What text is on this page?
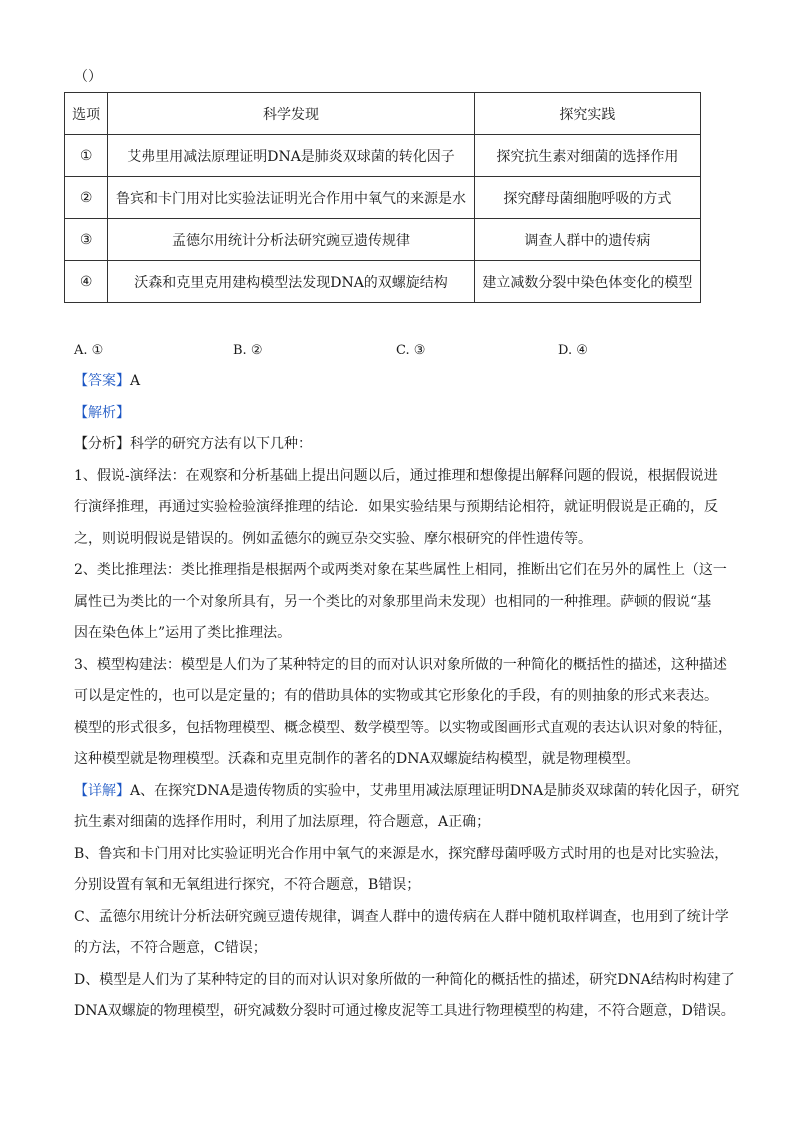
（）
选项	科学发现	探究实践
①	艾弗里用减法原理证明DNA是肺炎双球菌的转化因子	探究抗生素对细菌的选择作用
②	鲁宾和卡门用对比实验法证明光合作用中氧气的来源是水	探究酵母菌细胞呼吸的方式
③	孟德尔用统计分析法研究豌豆遗传规律	调查人群中的遗传病
④	沃森和克里克用建构模型法发现DNA的双螺旋结构	建立减数分裂中染色体变化的模型
A. ①	B. ②	C. ③	D. ④
【答案】A
【解析】
【分析】科学的研究方法有以下几种：
1、假说-演绎法：在观察和分析基础上提出问题以后，通过推理和想像提出解释问题的假说，根据假说进
行演绎推理，再通过实验检验演绎推理的结论．如果实验结果与预期结论相符，就证明假说是正确的，反
之，则说明假说是错误的。例如孟德尔的豌豆杂交实验、摩尔根研究的伴性遗传等。
2、类比推理法：类比推理指是根据两个或两类对象在某些属性上相同，推断出它们在另外的属性上（这一
属性已为类比的一个对象所具有，另一个类比的对象那里尚未发现）也相同的一种推理。萨顿的假说“基
因在染色体上”运用了类比推理法。
3、模型构建法：模型是人们为了某种特定的目的而对认识对象所做的一种简化的概括性的描述，这种描述
可以是定性的，也可以是定量的；有的借助具体的实物或其它形象化的手段，有的则抽象的形式来表达。
模型的形式很多，包括物理模型、概念模型、数学模型等。以实物或图画形式直观的表达认识对象的特征，
这种模型就是物理模型。沃森和克里克制作的著名的DNA双螺旋结构模型，就是物理模型。
【详解】A、在探究DNA是遗传物质的实验中，艾弗里用减法原理证明DNA是肺炎双球菌的转化因子，研究
抗生素对细菌的选择作用时，利用了加法原理，符合题意，A正确；
B、鲁宾和卡门用对比实验证明光合作用中氧气的来源是水，探究酵母菌呼吸方式时用的也是对比实验法，
分别设置有氧和无氧组进行探究，不符合题意，B错误；
C、孟德尔用统计分析法研究豌豆遗传规律，调查人群中的遗传病在人群中随机取样调查，也用到了统计学
的方法，不符合题意，C错误；
D、模型是人们为了某种特定的目的而对认识对象所做的一种简化的概括性的描述，研究DNA结构时构建了
DNA双螺旋的物理模型，研究减数分裂时可通过橡皮泥等工具进行物理模型的构建，不符合题意，D错误。
